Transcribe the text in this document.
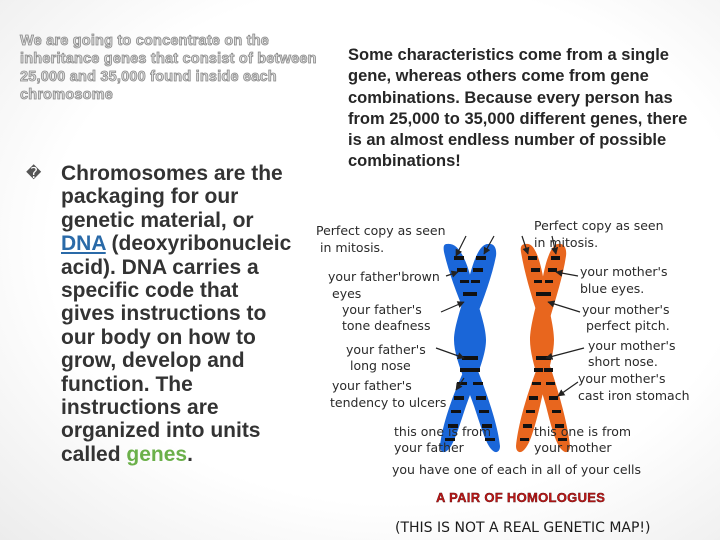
We are going to concentrate on the inheritance genes that consist of between 25,000 and 35,000 found inside each chromosome
� Chromosomes are the
packaging for our
genetic material, or
DNA (deoxyribonucleic
acid). DNA carries a
specific code that
gives instructions to
our body on how to
grow, develop and
function. The
instructions are
organized into units
called genes.
Some characteristics come from a single gene, whereas others come from gene combinations. Because every person has from 25,000 to 35,000 different genes, there is an almost endless number of possible combinations!
Perfect copy as seen
in mitosis.
your father'brown
eyes
your father's
tone deafness
your father's
long nose
your father's
tendency to ulcers
this one is from
your father
Perfect copy as seen
in mitosis.
your mother's
blue eyes.
your mother's
perfect pitch.
your mother's
short nose.
your mother's
cast iron stomach
this one is from
your mother
you have one of each in all of your cells
A PAIR OF HOMOLOGUES
(THIS IS NOT A REAL GENETIC MAP!)
